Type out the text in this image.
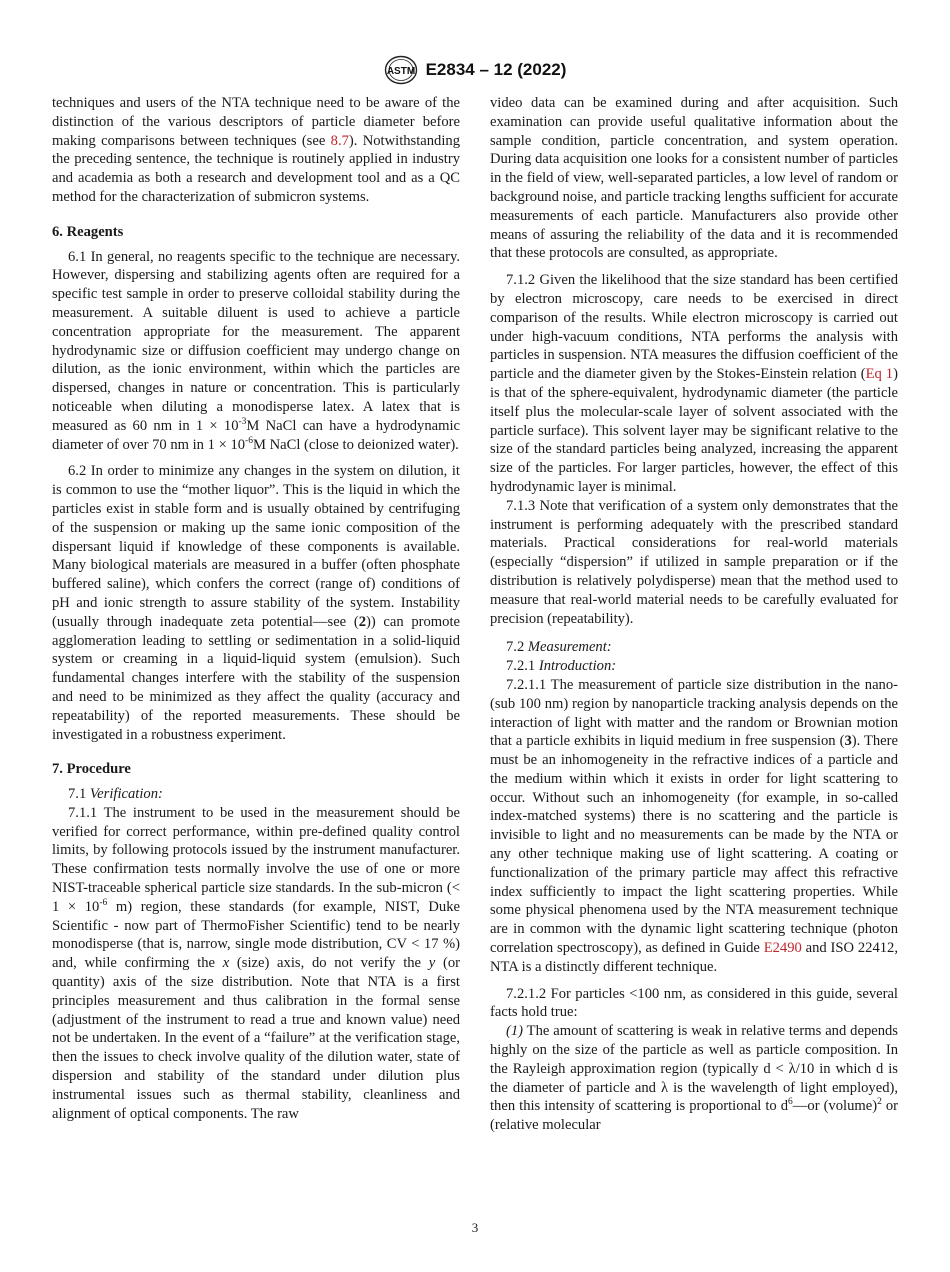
ASTM E2834 – 12 (2022)

techniques and users of the NTA technique need to be aware of the distinction of the various descriptors of particle diameter before making comparisons between techniques (see 8.7). Notwithstanding the preceding sentence, the technique is routinely applied in industry and academia as both a research and development tool and as a QC method for the characterization of submicron systems.

6. Reagents

6.1 In general, no reagents specific to the technique are necessary. However, dispersing and stabilizing agents often are required for a specific test sample in order to preserve colloidal stability during the measurement. A suitable diluent is used to achieve a particle concentration appropriate for the measurement. The apparent hydrodynamic size or diffusion coefficient may undergo change on dilution, as the ionic environment, within which the particles are dispersed, changes in nature or concentration. This is particularly noticeable when diluting a monodisperse latex. A latex that is measured as 60 nm in $1 \times 10^{-3}M$ NaCl can have a hydrodynamic diameter of over 70 nm in $1 \times 10^{-6}M$ NaCl (close to deionized water).

6.2 In order to minimize any changes in the system on dilution, it is common to use the “mother liquor”. This is the liquid in which the particles exist in stable form and is usually obtained by centrifuging of the suspension or making up the same ionic composition of the dispersant liquid if knowledge of these components is available. Many biological materials are measured in a buffer (often phosphate buffered saline), which confers the correct (range of) conditions of pH and ionic strength to assure stability of the system. Instability (usually through inadequate zeta potential—see (2)) can promote agglomeration leading to settling or sedimentation in a solid-liquid system or creaming in a liquid-liquid system (emulsion). Such fundamental changes interfere with the stability of the suspension and need to be minimized as they affect the quality (accuracy and repeatability) of the reported measurements. These should be investigated in a robustness experiment.

7. Procedure

7.1 Verification:

7.1.1 The instrument to be used in the measurement should be verified for correct performance, within pre-defined quality control limits, by following protocols issued by the instrument manufacturer. These confirmation tests normally involve the use of one or more NIST-traceable spherical particle size standards. In the sub-micron (< $1 \times 10^{-6}$ m) region, these standards (for example, NIST, Duke Scientific - now part of ThermoFisher Scientific) tend to be nearly monodisperse (that is, narrow, single mode distribution, CV < 17 %) and, while confirming the x (size) axis, do not verify the y (or quantity) axis of the size distribution. Note that NTA is a first principles measurement and thus calibration in the formal sense (adjustment of the instrument to read a true and known value) need not be undertaken. In the event of a “failure” at the verification stage, then the issues to check involve quality of the dilution water, state of dispersion and stability of the standard under dilution plus instrumental issues such as thermal stability, cleanliness and alignment of optical components. The raw

video data can be examined during and after acquisition. Such examination can provide useful qualitative information about the sample condition, particle concentration, and system operation. During data acquisition one looks for a consistent number of particles in the field of view, well-separated particles, a low level of random or background noise, and particle tracking lengths sufficient for accurate measurements of each particle. Manufacturers also provide other means of assuring the reliability of the data and it is recommended that these protocols are consulted, as appropriate.

7.1.2 Given the likelihood that the size standard has been certified by electron microscopy, care needs to be exercised in direct comparison of the results. While electron microscopy is carried out under high-vacuum conditions, NTA performs the analysis with particles in suspension. NTA measures the diffusion coefficient of the particle and the diameter given by the Stokes-Einstein relation (Eq 1) is that of the sphere-equivalent, hydrodynamic diameter (the particle itself plus the molecular-scale layer of solvent associated with the particle surface). This solvent layer may be significant relative to the size of the standard particles being analyzed, increasing the apparent size of the particles. For larger particles, however, the effect of this hydrodynamic layer is minimal.

7.1.3 Note that verification of a system only demonstrates that the instrument is performing adequately with the prescribed standard materials. Practical considerations for real-world materials (especially “dispersion” if utilized in sample preparation or if the distribution is relatively polydisperse) mean that the method used to measure that real-world material needs to be carefully evaluated for precision (repeatability).

7.2 Measurement:

7.2.1 Introduction:

7.2.1.1 The measurement of particle size distribution in the nano- (sub 100 nm) region by nanoparticle tracking analysis depends on the interaction of light with matter and the random or Brownian motion that a particle exhibits in liquid medium in free suspension (3). There must be an inhomogeneity in the refractive indices of a particle and the medium within which it exists in order for light scattering to occur. Without such an inhomogeneity (for example, in so-called index-matched systems) there is no scattering and the particle is invisible to light and no measurements can be made by the NTA or any other technique making use of light scattering. A coating or functionalization of the primary particle may affect this refractive index sufficiently to impact the light scattering properties. While some physical phenomena used by the NTA measurement technique are in common with the dynamic light scattering technique (photon correlation spectroscopy), as defined in Guide E2490 and ISO 22412, NTA is a distinctly different technique.

7.2.1.2 For particles <100 nm, as considered in this guide, several facts hold true:

(1) The amount of scattering is weak in relative terms and depends highly on the size of the particle as well as particle composition. In the Rayleigh approximation region (typically d < λ/10 in which d is the diameter of particle and λ is the wavelength of light employed), then this intensity of scattering is proportional to $d^6—or$ (volume)$^2$ or (relative molecular

3
